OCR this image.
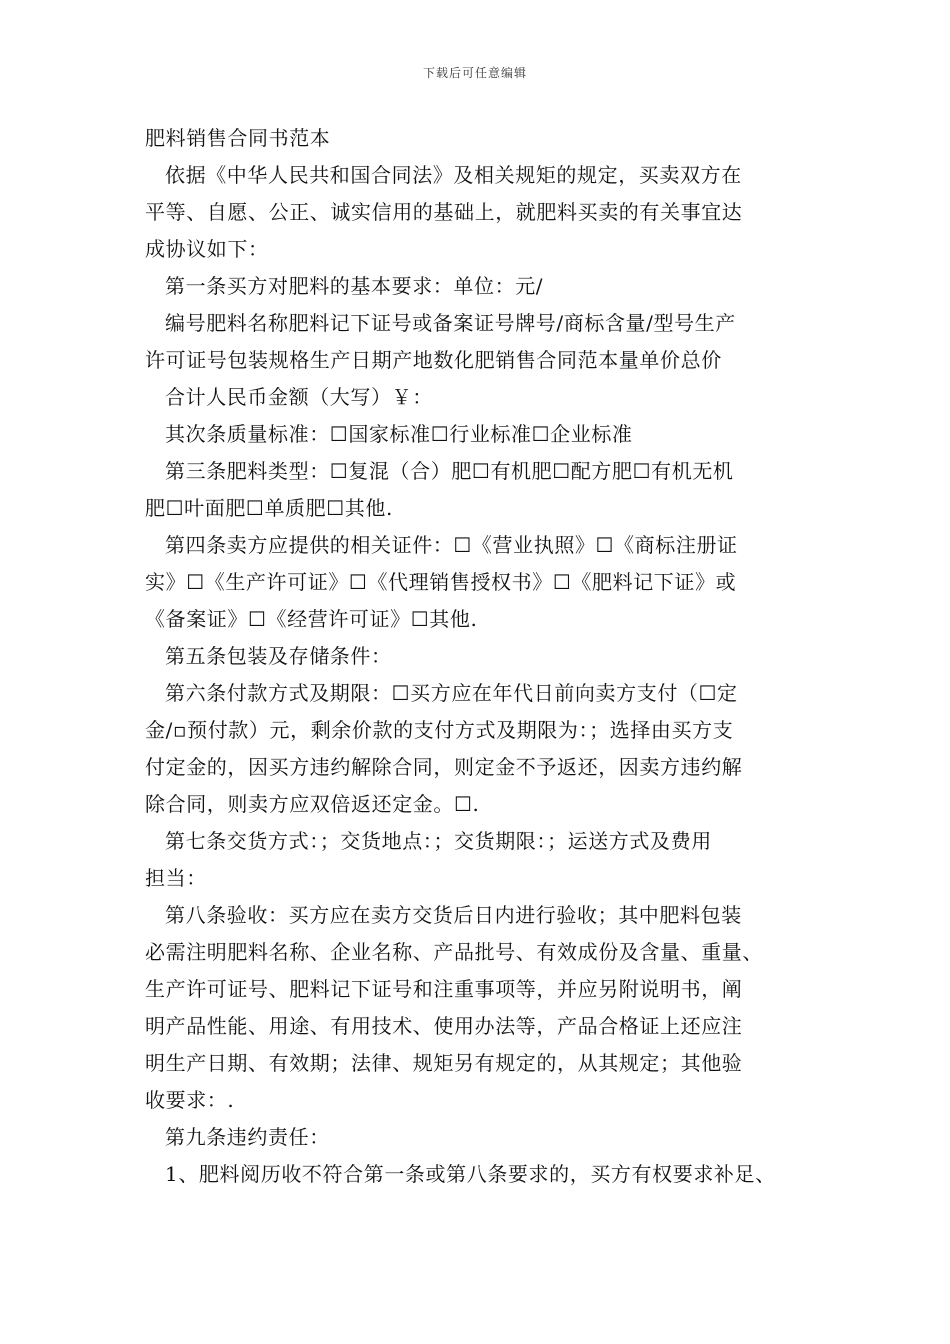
下载后可任意编辑
肥料销售合同书范本

依据《中华人民共和国合同法》及相关规矩的规定，买卖双方在
平等、自愿、公正、诚实信用的基础上，就肥料买卖的有关事宜达
成协议如下：

第一条买方对肥料的基本要求：单位：元/

编号肥料名称肥料记下证号或备案证号牌号/商标含量/型号生产
许可证号包装规格生产日期产地数化肥销售合同范本量单价总价

合计人民币金额（大写）￥：

其次条质量标准：☐国家标准☐行业标准☐企业标准

第三条肥料类型：☐复混（合）肥☐有机肥☐配方肥☐有机无机
肥☐叶面肥☐单质肥☐其他.

第四条卖方应提供的相关证件：☐《营业执照》☐《商标注册证
实》☐《生产许可证》☐《代理销售授权书》☐《肥料记下证》或
《备案证》☐《经营许可证》☐其他.

第五条包装及存储条件：

第六条付款方式及期限：☐买方应在年代日前向卖方支付（☐定
金/▫预付款）元，剩余价款的支付方式及期限为：；选择由买方支
付定金的，因买方违约解除合同，则定金不予返还，因卖方违约解
除合同，则卖方应双倍返还定金。☐.

第七条交货方式：；交货地点：；交货期限：；运送方式及费用
担当：

第八条验收：买方应在卖方交货后日内进行验收；其中肥料包装
必需注明肥料名称、企业名称、产品批号、有效成份及含量、重量、
生产许可证号、肥料记下证号和注重事项等，并应另附说明书，阐
明产品性能、用途、有用技术、使用办法等，产品合格证上还应注
明生产日期、有效期；法律、规矩另有规定的，从其规定；其他验
收要求：.

第九条违约责任：

1、肥料阅历收不符合第一条或第八条要求的，买方有权要求补足、
